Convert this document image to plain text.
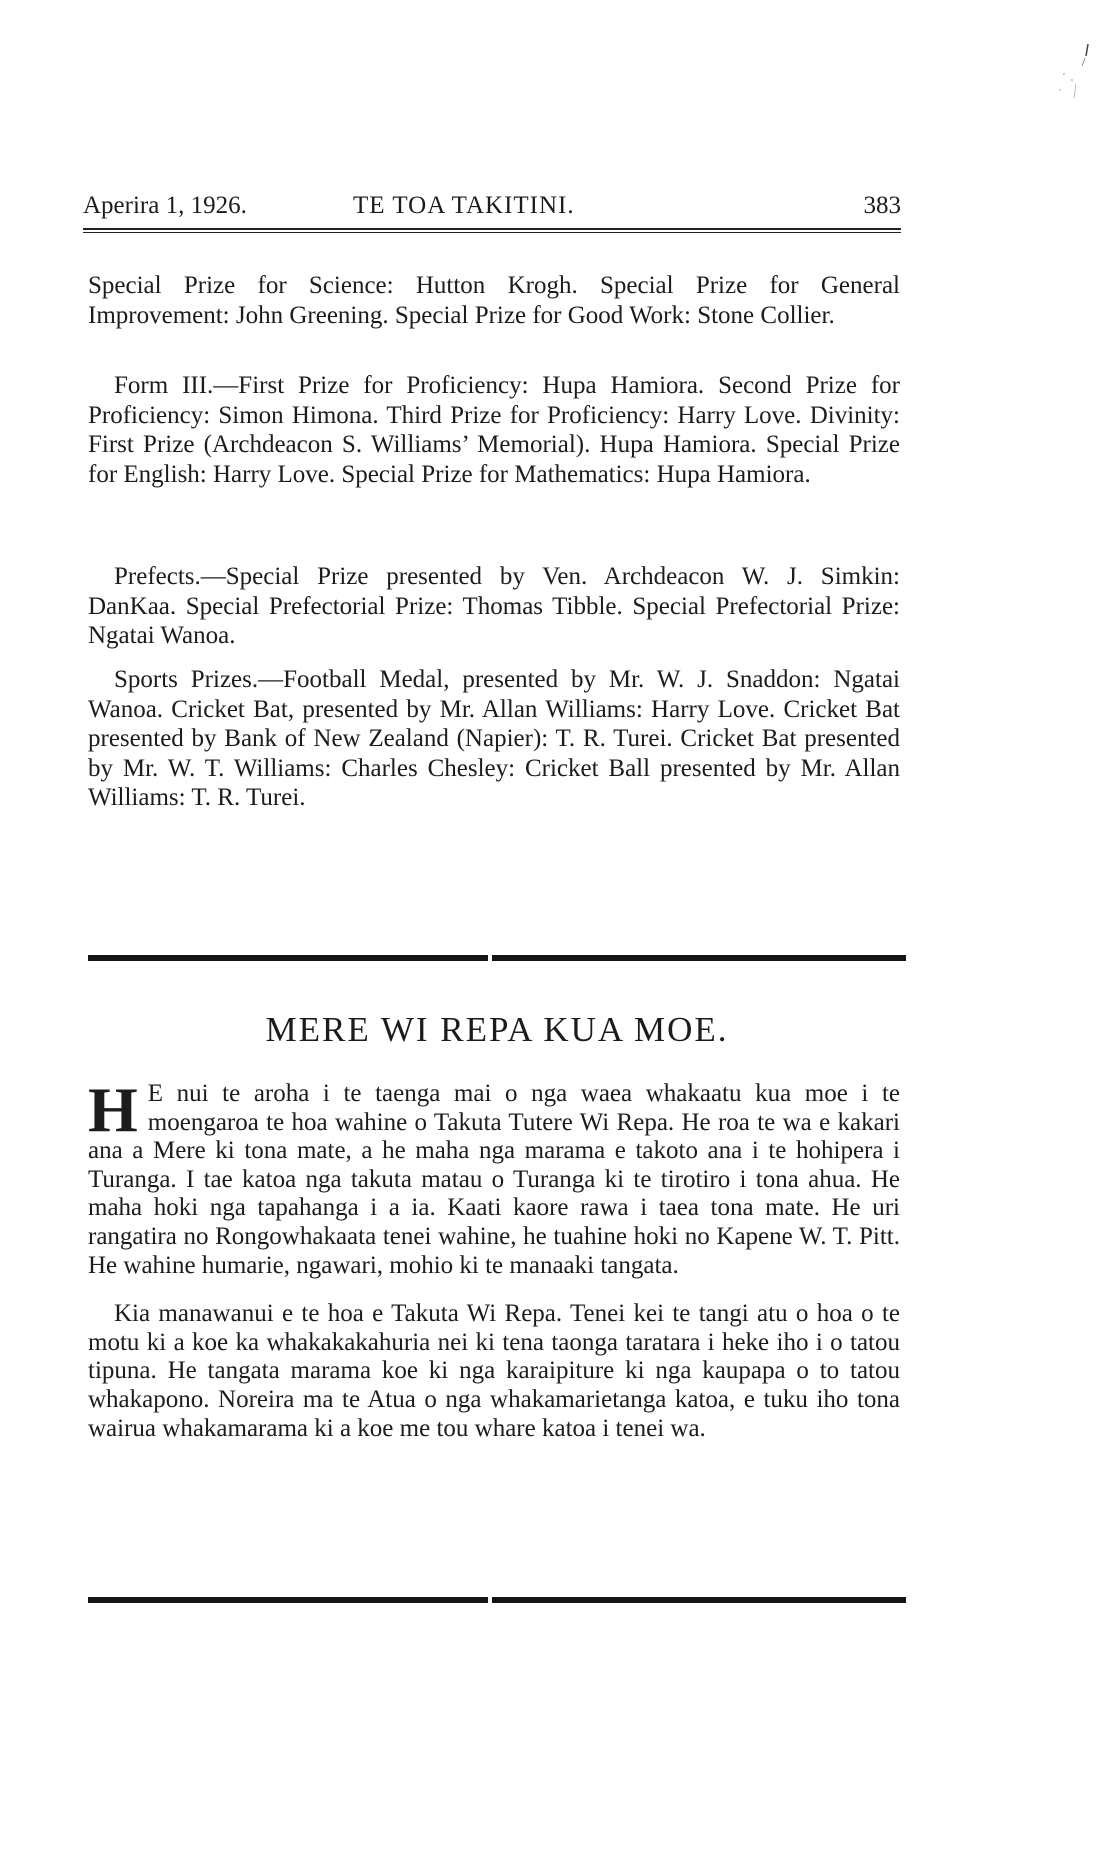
Aperira 1, 1926.	TE TOA TAKITINI.	383

Special Prize for Science: Hutton Krogh. Special Prize for General Improvement: John Greening. Special Prize for Good Work: Stone Collier.

Form III.—First Prize for Proficiency: Hupa Hamiora. Second Prize for Proficiency: Simon Himona. Third Prize for Proficiency: Harry Love. Divinity: First Prize (Archdeacon S. Williams’ Memorial). Hupa Hamiora. Special Prize for English: Harry Love. Special Prize for Mathematics: Hupa Hamiora.

Prefects.—Special Prize presented by Ven. Archdeacon W. J. Simkin: DanKaa. Special Prefectorial Prize: Thomas Tibble. Special Prefectorial Prize: Ngatai Wanoa.

Sports Prizes.—Football Medal, presented by Mr. W. J. Snaddon: Ngatai Wanoa. Cricket Bat, presented by Mr. Allan Williams: Harry Love. Cricket Bat presented by Bank of New Zealand (Napier): T. R. Turei. Cricket Bat presented by Mr. W. T. Williams: Charles Chesley: Cricket Ball presented by Mr. Allan Williams: T. R. Turei.

MERE WI REPA KUA MOE.

H E nui te aroha i te taenga mai o nga waea whakaatu kua moe i te moengaroa te hoa wahine o Takuta Tutere Wi Repa. He roa te wa e kakari ana a Mere ki tona mate, a he maha nga marama e takoto ana i te hohipera i Turanga. I tae katoa nga takuta matau o Turanga ki te tirotiro i tona ahua. He maha hoki nga tapahanga i a ia. Kaati kaore rawa i taea tona mate. He uri rangatira no Rongowhakaata tenei wahine, he tuahine hoki no Kapene W. T. Pitt. He wahine humarie, ngawari, mohio ki te manaaki tangata.

Kia manawanui e te hoa e Takuta Wi Repa. Tenei kei te tangi atu o hoa o te motu ki a koe ka whakakakahuria nei ki tena taonga taratara i heke iho i o tatou tipuna. He tangata marama koe ki nga karaipiture ki nga kaupapa o to tatou whakapono. Noreira ma te Atua o nga whakamarietanga katoa, e tuku iho tona wairua whakamarama ki a koe me tou whare katoa i tenei wa.
